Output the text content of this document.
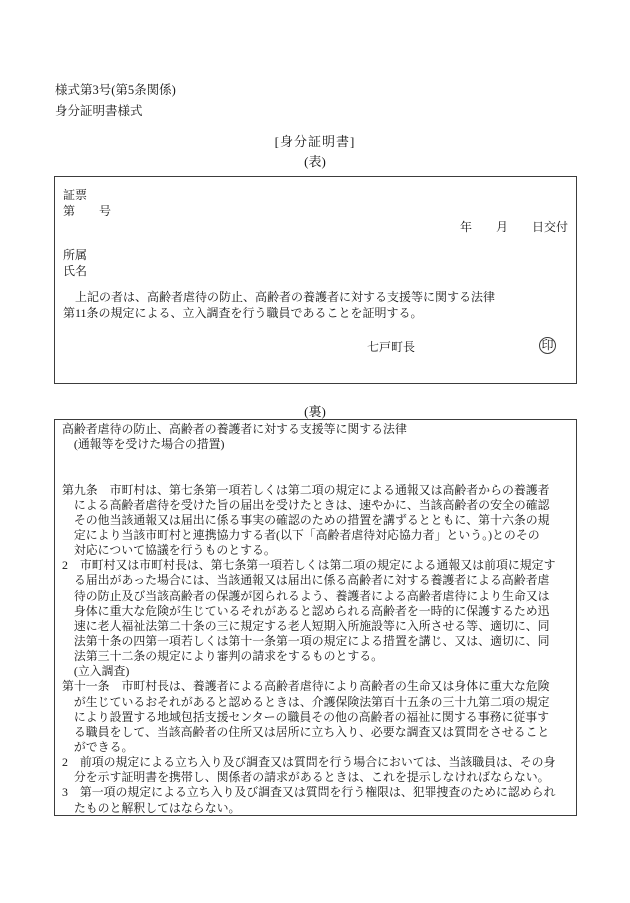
様式第3号(第5条関係)
身分証明書様式
[身分証明書]
(表)
証票
第　　号
年　　月　　日交付
所属
氏名
　上記の者は、高齢者虐待の防止、高齢者の養護者に対する支援等に関する法律
第11条の規定による、立入調査を行う職員であることを証明する。
七戸町長	印
(裏)
高齢者虐待の防止、高齢者の養護者に対する支援等に関する法律
　(通報等を受けた場合の措置)
第九条　市町村は、第七条第一項若しくは第二項の規定による通報又は高齢者からの養護者
　による高齢者虐待を受けた旨の届出を受けたときは、速やかに、当該高齢者の安全の確認
　その他当該通報又は届出に係る事実の確認のための措置を講ずるとともに、第十六条の規
　定により当該市町村と連携協力する者(以下「高齢者虐待対応協力者」という。)とのその
　対応について協議を行うものとする。
2　市町村又は市町村長は、第七条第一項若しくは第二項の規定による通報又は前項に規定す
　る届出があった場合には、当該通報又は届出に係る高齢者に対する養護者による高齢者虐
　待の防止及び当該高齢者の保護が図られるよう、養護者による高齢者虐待により生命又は
　身体に重大な危険が生じているそれがあると認められる高齢者を一時的に保護するため迅
　速に老人福祉法第二十条の三に規定する老人短期入所施設等に入所させる等、適切に、同
　法第十条の四第一項若しくは第十一条第一項の規定による措置を講じ、又は、適切に、同
　法第三十二条の規定により審判の請求をするものとする。
　(立入調査)
第十一条　市町村長は、養護者による高齢者虐待により高齢者の生命又は身体に重大な危険
　が生じているおそれがあると認めるときは、介護保険法第百十五条の三十九第二項の規定
　により設置する地域包括支援センターの職員その他の高齢者の福祉に関する事務に従事す
　る職員をして、当該高齢者の住所又は居所に立ち入り、必要な調査又は質問をさせること
　ができる。
2　前項の規定による立ち入り及び調査又は質問を行う場合においては、当該職員は、その身
　分を示す証明書を携帯し、関係者の請求があるときは、これを提示しなければならない。
3　第一項の規定による立ち入り及び調査又は質問を行う権限は、犯罪捜査のために認められ
　たものと解釈してはならない。
